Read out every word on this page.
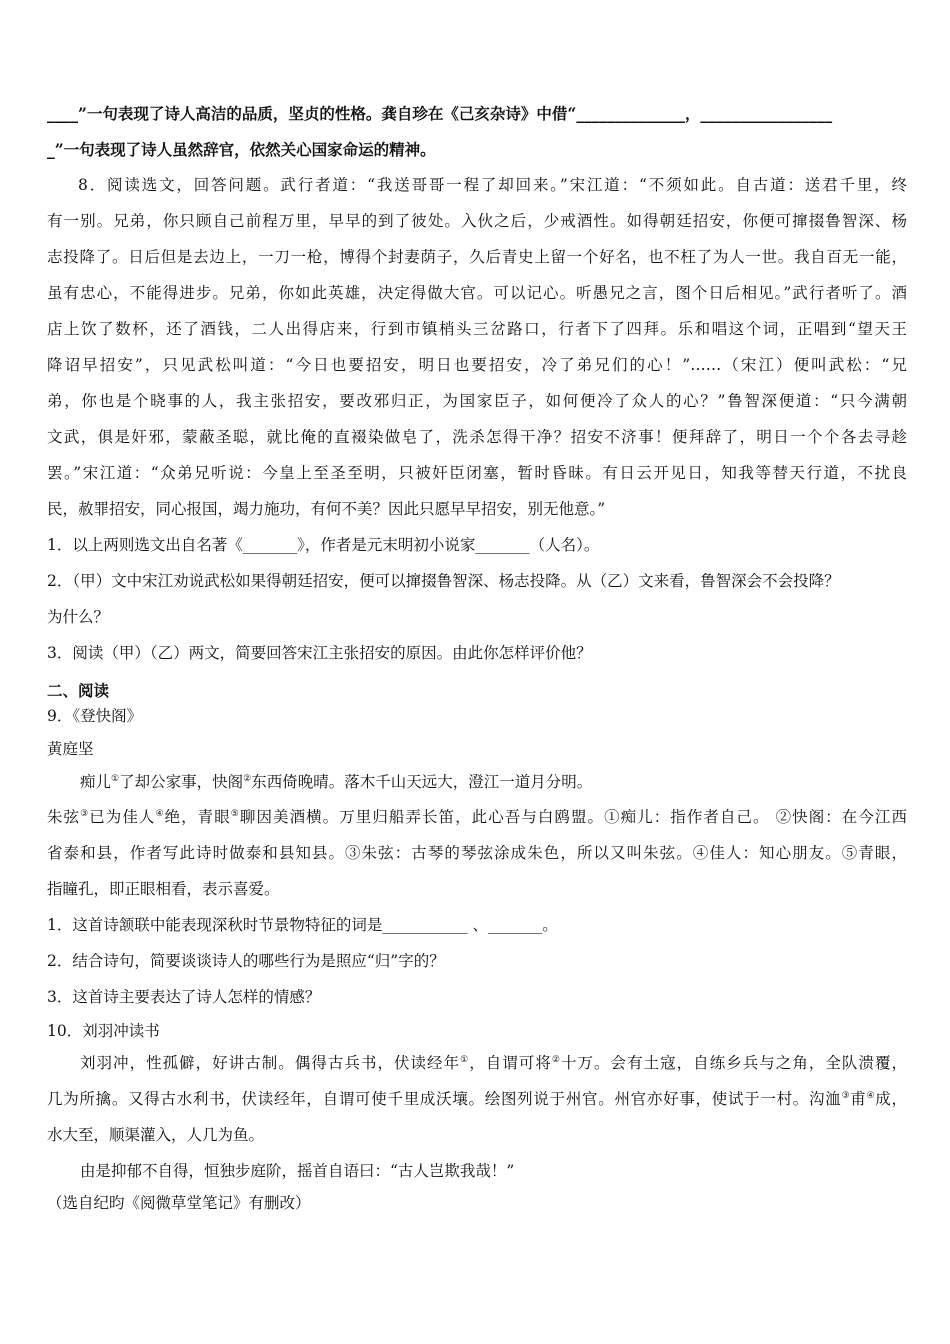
____”一句表现了诗人高洁的品质，坚贞的性格。龚自珍在《己亥杂诗》中借“______________，_________________
_”一句表现了诗人虽然辞官，依然关心国家命运的精神。
8．阅读选文，回答问题。武行者道：“我送哥哥一程了却回来。”宋江道：“不须如此。自古道：送君千里，终
有一别。兄弟，你只顾自己前程万里，早早的到了彼处。入伙之后，少戒酒性。如得朝廷招安，你便可撺掇鲁智深、杨
志投降了。日后但是去边上，一刀一枪，博得个封妻荫子，久后青史上留一个好名，也不枉了为人一世。我自百无一能，
虽有忠心，不能得进步。兄弟，你如此英雄，决定得做大官。可以记心。听愚兄之言，图个日后相见。”武行者听了。酒
店上饮了数杯，还了酒钱，二人出得店来，行到市镇梢头三岔路口，行者下了四拜。乐和唱这个词，正唱到“望天王
降诏早招安”，只见武松叫道：“今日也要招安，明日也要招安，冷了弟兄们的心！”……（宋江）便叫武松：“兄
弟，你也是个晓事的人，我主张招安，要改邪归正，为国家臣子，如何便冷了众人的心？”鲁智深便道：“只今满朝
文武，俱是奸邪，蒙蔽圣聪，就比俺的直裰染做皂了，洗杀怎得干净？招安不济事！便拜辞了，明日一个个各去寻趁
罢。”宋江道：“众弟兄听说：今皇上至圣至明，只被奸臣闭塞，暂时昏昧。有日云开见日，知我等替天行道，不扰良
民，赦罪招安，同心报国，竭力施功，有何不美？因此只愿早早招安，别无他意。”
1．以上两则选文出自名著《_______》，作者是元末明初小说家_______（人名）。
2．（甲）文中宋江劝说武松如果得朝廷招安，便可以撺掇鲁智深、杨志投降。从（乙）文来看，鲁智深会不会投降？
为什么？
3．阅读（甲）（乙）两文，简要回答宋江主张招安的原因。由此你怎样评价他？
二、阅读
9．《登快阁》
黄庭坚
痴儿①了却公家事，快阁②东西倚晚晴。落木千山天远大，澄江一道月分明。
朱弦③已为佳人④绝，青眼⑤聊因美酒横。万里归船弄长笛，此心吾与白鸥盟。①痴儿：指作者自己。 ②快阁：在今江西
省泰和县，作者写此诗时做泰和县知县。③朱弦：古琴的琴弦涂成朱色，所以又叫朱弦。④佳人：知心朋友。⑤青眼，
指瞳孔，即正眼相看，表示喜爱。
1．这首诗颔联中能表现深秋时节景物特征的词是___________ 、_______。
2．结合诗句，简要谈谈诗人的哪些行为是照应“归”字的？
3．这首诗主要表达了诗人怎样的情感？
10．刘羽冲读书
刘羽冲，性孤僻，好讲古制。偶得古兵书，伏读经年①，自谓可将②十万。会有土寇，自练乡兵与之角，全队溃覆，
几为所擒。又得古水利书，伏读经年，自谓可使千里成沃壤。绘图列说于州官。州官亦好事，使试于一村。沟洫③甫④成，
水大至，顺渠灌入，人几为鱼。
由是抑郁不自得，恒独步庭阶，摇首自语曰：“古人岂欺我哉！”
（选自纪昀《阅微草堂笔记》有删改）
